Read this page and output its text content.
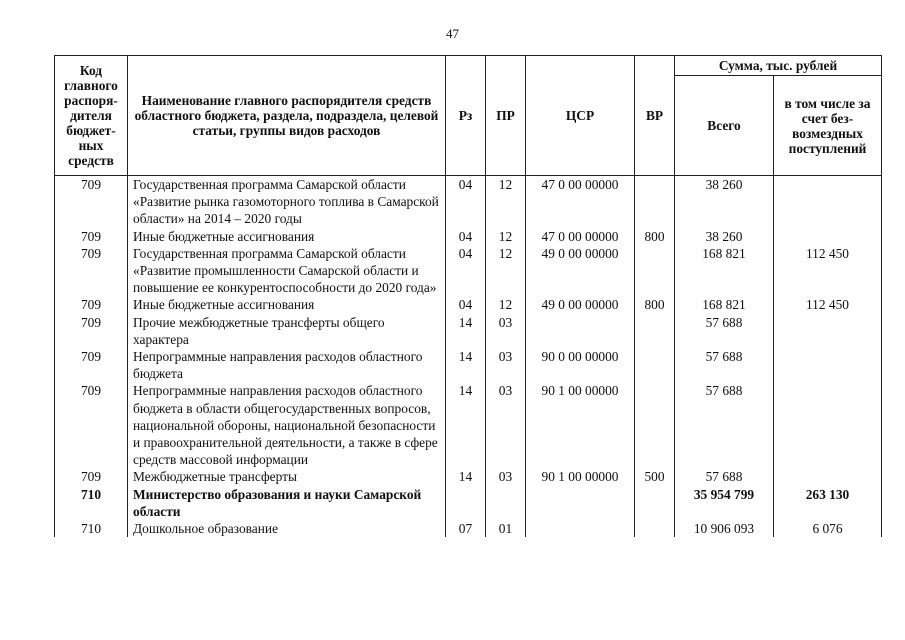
47
Код главного распоря-дителя бюджет-ных средств	Наименование главного распорядителя средств областного бюджета, раздела, подраздела, целевой статьи, группы видов расходов	Рз	ПР	ЦСР	ВР	Сумма, тыс. рублей	
						Всего	в том числе за счет без-возмездных поступлений
709	Государственная программа Самарской области «Развитие рынка газомоторного топлива в Самарской области» на 2014 – 2020 годы	04	12	47 0 00 00000		38 260	
709	Иные бюджетные ассигнования	04	12	47 0 00 00000	800	38 260	
709	Государственная программа Самарской области «Развитие промышленности Самарской области и повышение ее конкурентоспособности до 2020 года»	04	12	49 0 00 00000		168 821	112 450
709	Иные бюджетные ассигнования	04	12	49 0 00 00000	800	168 821	112 450
709	Прочие межбюджетные трансферты общего характера	14	03			57 688	
709	Непрограммные направления расходов областного бюджета	14	03	90 0 00 00000		57 688	
709	Непрограммные направления расходов областного бюджета в области общегосударственных вопросов, национальной обороны, национальной безопасности и правоохранительной деятельности, а также в сфере средств массовой информации	14	03	90 1 00 00000		57 688	
709	Межбюджетные трансферты	14	03	90 1 00 00000	500	57 688	
710	Министерство образования и науки Самарской области					35 954 799	263 130
710	Дошкольное образование	07	01			10 906 093	6 076
